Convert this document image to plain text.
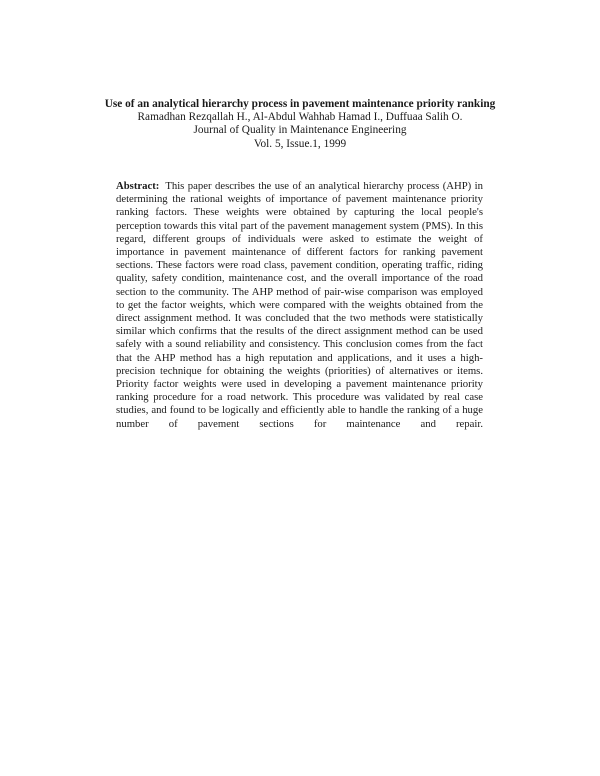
Use of an analytical hierarchy process in pavement maintenance priority ranking
Ramadhan Rezqallah H., Al-Abdul Wahhab Hamad I., Duffuaa Salih O.
Journal of Quality in Maintenance Engineering
Vol. 5, Issue.1, 1999
Abstract: This paper describes the use of an analytical hierarchy process (AHP) in determining the rational weights of importance of pavement maintenance priority ranking factors. These weights were obtained by capturing the local people's perception towards this vital part of the pavement management system (PMS). In this regard, different groups of individuals were asked to estimate the weight of importance in pavement maintenance of different factors for ranking pavement sections. These factors were road class, pavement condition, operating traffic, riding quality, safety condition, maintenance cost, and the overall importance of the road section to the community. The AHP method of pair-wise comparison was employed to get the factor weights, which were compared with the weights obtained from the direct assignment method. It was concluded that the two methods were statistically similar which confirms that the results of the direct assignment method can be used safely with a sound reliability and consistency. This conclusion comes from the fact that the AHP method has a high reputation and applications, and it uses a high-precision technique for obtaining the weights (priorities) of alternatives or items. Priority factor weights were used in developing a pavement maintenance priority ranking procedure for a road network. This procedure was validated by real case studies, and found to be logically and efficiently able to handle the ranking of a huge number of pavement sections for maintenance and repair.
